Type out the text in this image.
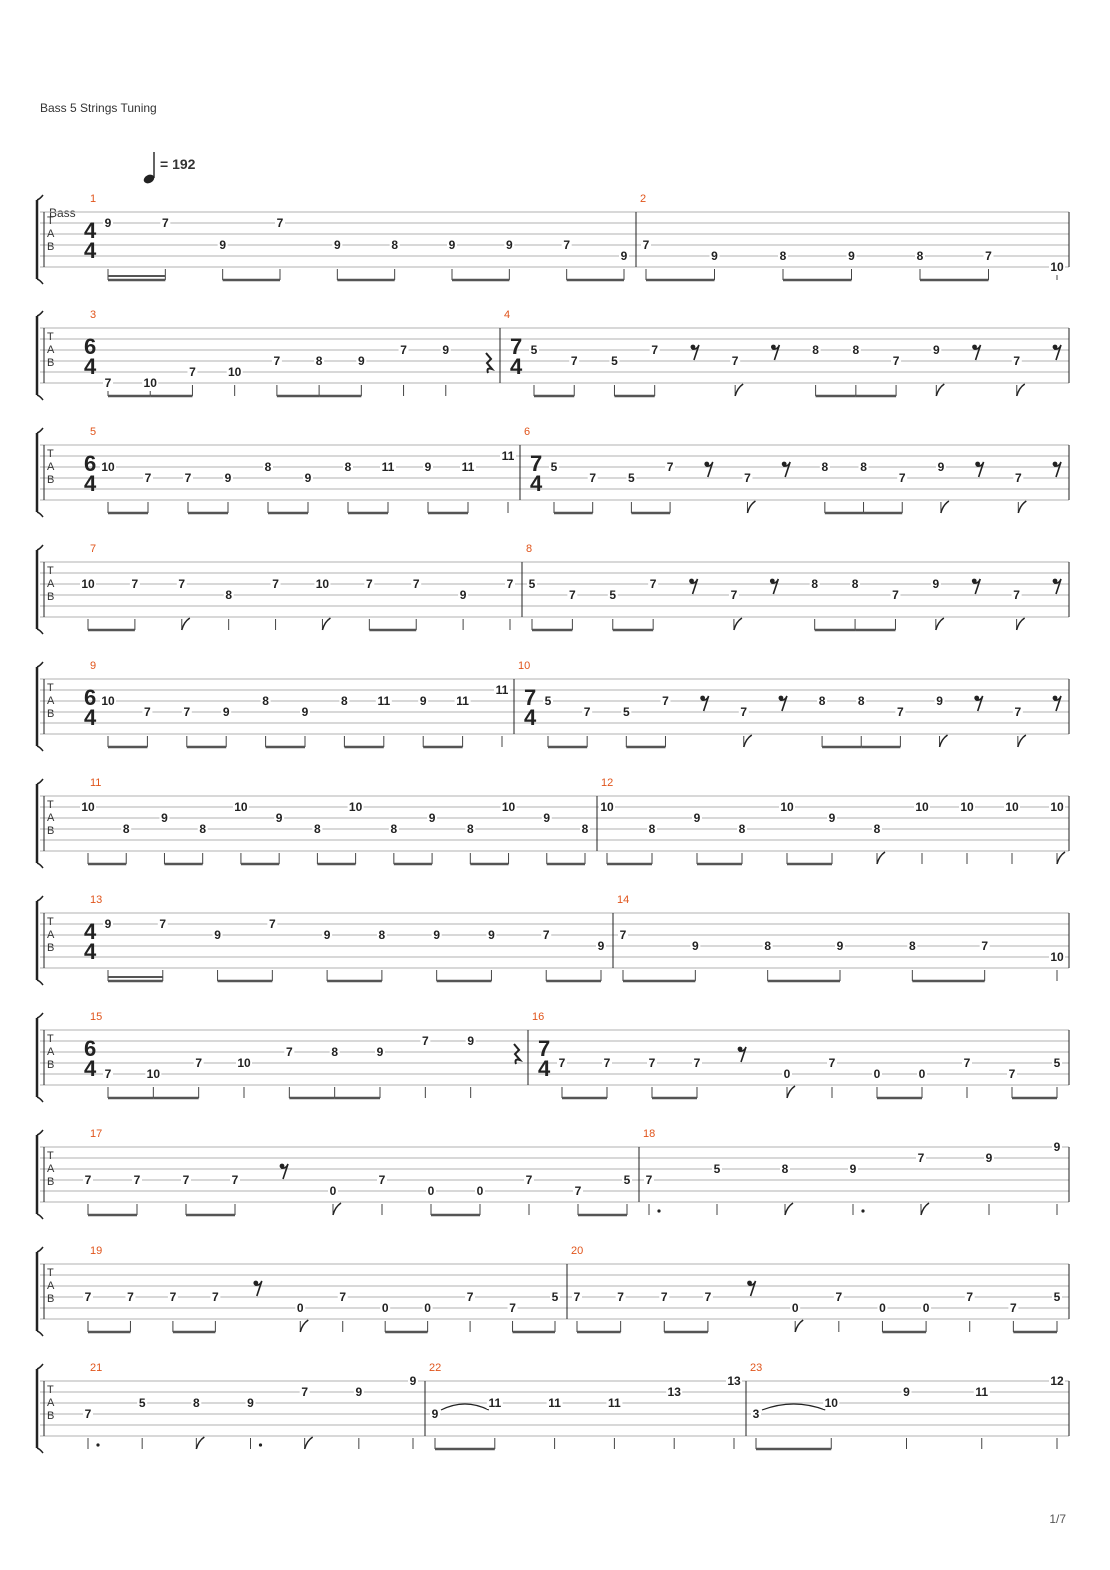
Bass 5 Strings Tuning
= 192
Bass
T
A
B
1
4
4
9	7
9
7
9	8	9	9	7
9
2
7
9	8	9	8	7
10
T
A
B
3
6
4
7	10
7	10
7	8	9
7	9
4
7
4
5
7	5
7
7
8	8
7
9
7
T
A
B
5
6
4
10
7	7	9
8
9
8	11	9	11
11
6
7
4
5
7	5
7
7
8	8
7
9
7
T
A
B
7
10	7	7
8
7	10	7	7
9
7
8
5
7	5
7
7
8	8
7
9
7
T
A
B
9
6
4
10
7	7	9
8
9
8 11 9 11
11
10
7
4
5
7	5
7
7
8	8
7
9
7
T
A
B
11
10
8
9
8
10
9
8
10
8
9
8
10
9
8
12
10
8
9
8
10
9
8
10	10	10	10
T
A
B
13
4
4
9	7
9
7
9	8	9	9	7
9
14
7
9	8	9	8	7
10
T
A
B
15
6
4 7	10
7	10
7	8	9
7	9
16
7
4 7	7	7	7
0
7
0	0
7
7
5
T
A
B
17
7	7	7	7
0
7
0	0
7
7
5
18
7
5	8	9
7	9
9
T
A
B
19
7	7	7	7
0
7
0	0
7
7
5
20
7	7	7	7
0
7
0	0
7
7
5
T
A
B
21
7
5	8	9
7	9
9
22
9
11	11	11
13
13
23
3
10
9	11
12
1/7
